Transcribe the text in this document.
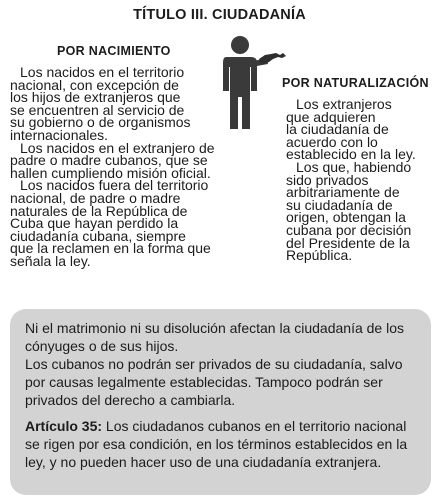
TÍTULO III. CIUDADANÍA
POR NACIMIENTO

Los nacidos en el territorio

nacional, con excepción de

los hijos de extranjeros que

se encuentren al servicio de

su gobierno o de organismos

internacionales.

Los nacidos en el extranjero de

padre o madre cubanos, que se

hallen cumpliendo misión oficial.

Los nacidos fuera del territorio

nacional, de padre o madre

naturales de la República de

Cuba que hayan perdido la

ciudadanía cubana, siempre

que la reclamen en la forma que

señala la ley.

POR NATURALIZACIÓN

Los extranjeros

que adquieren

la ciudadanía de

acuerdo con lo

establecido en la ley.

Los que, habiendo

sido privados

arbitrariamente de

su ciudadanía de

origen, obtengan la

cubana por decisión

del Presidente de la

República.

Ni el matrimonio ni su disolución afectan la ciudadanía de los cónyuges o de sus hijos.

Los cubanos no podrán ser privados de su ciudadanía, salvo por causas legalmente establecidas. Tampoco podrán ser privados del derecho a cambiarla.

Artículo 35: Los ciudadanos cubanos en el territorio nacional se rigen por esa condición, en los términos establecidos en la ley, y no pueden hacer uso de una ciudadanía extranjera.
